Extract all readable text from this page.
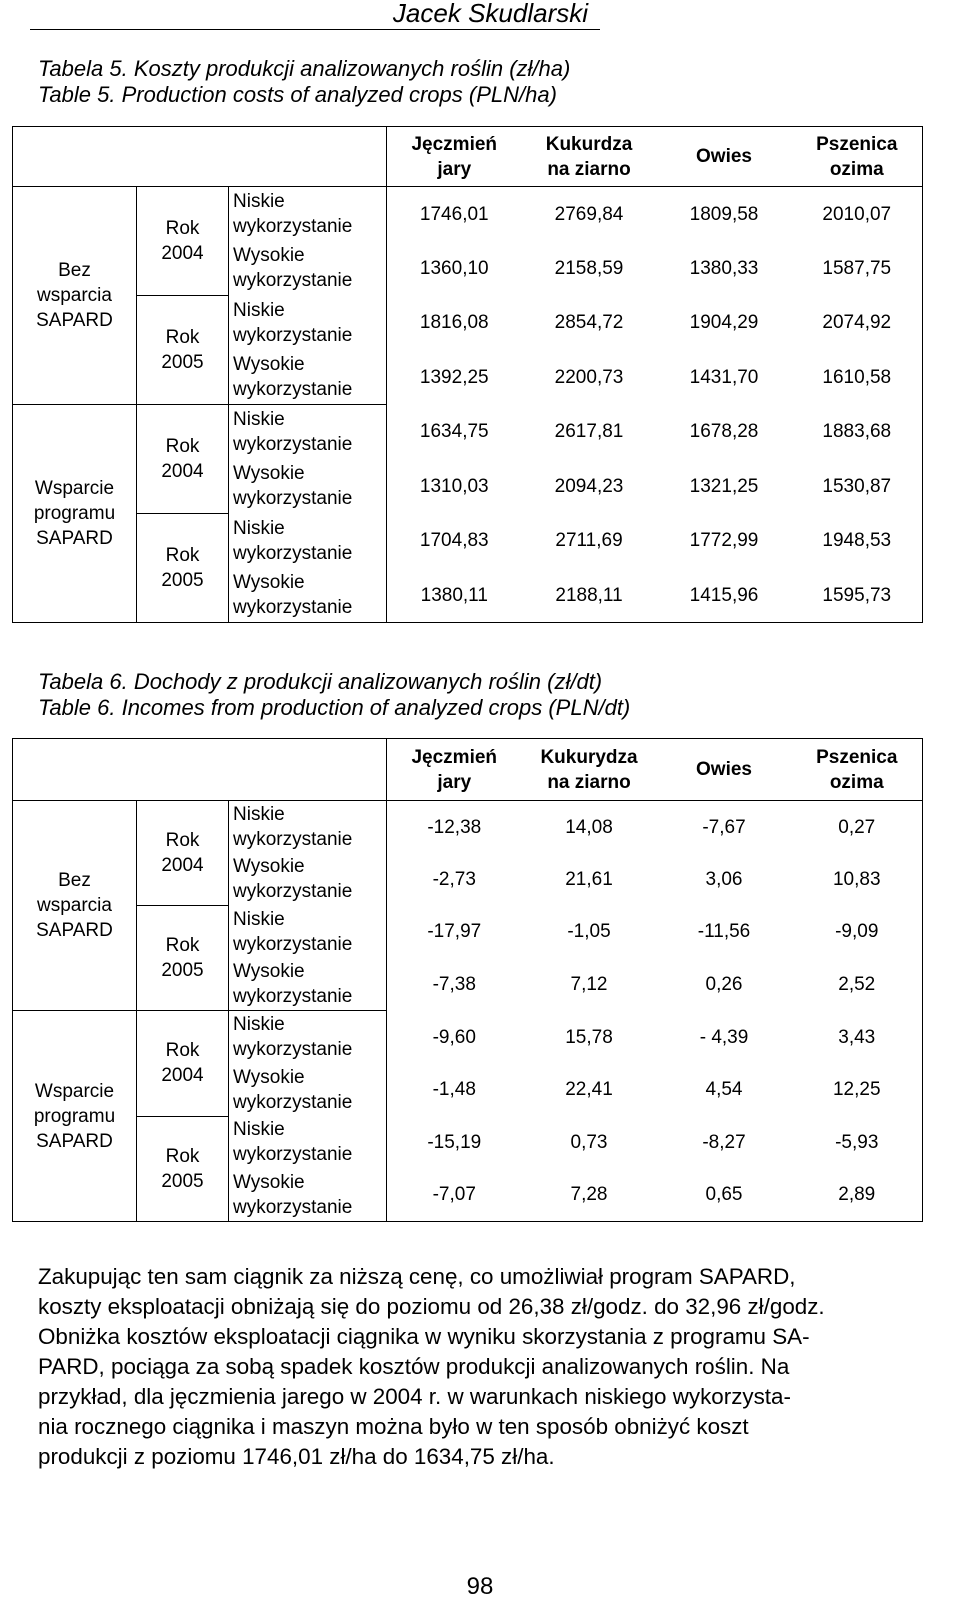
Jacek Skudlarski
Tabela 5. Koszty produkcji analizowanych roślin (zł/ha)
Table 5. Production costs of analyzed crops (PLN/ha)

			Jęczmień
jary	Kukurdza
na ziarno	Owies	Pszenica
ozima

Bez
wsparcia
SAPARD	Rok
2004	Niskie
wykorzystanie	1746,01	2769,84	1809,58	2010,07

		Wysokie
wykorzystanie	1360,10	2158,59	1380,33	1587,75

	Rok
2005	Niskie
wykorzystanie	1816,08	2854,72	1904,29	2074,92

		Wysokie
wykorzystanie	1392,25	2200,73	1431,70	1610,58

Wsparcie
programu
SAPARD	Rok
2004	Niskie
wykorzystanie	1634,75	2617,81	1678,28	1883,68

		Wysokie
wykorzystanie	1310,03	2094,23	1321,25	1530,87

	Rok
2005	Niskie
wykorzystanie	1704,83	2711,69	1772,99	1948,53

		Wysokie
wykorzystanie	1380,11	2188,11	1415,96	1595,73
Tabela 6. Dochody z produkcji analizowanych roślin (zł/dt)
Table 6. Incomes from production of analyzed crops (PLN/dt)

			Jęczmień
jary	Kukurydza
na ziarno	Owies	Pszenica
ozima

Bez
wsparcia
SAPARD	Rok
2004	Niskie
wykorzystanie	-12,38	14,08	-7,67	0,27

		Wysokie
wykorzystanie	-2,73	21,61	3,06	10,83

	Rok
2005	Niskie
wykorzystanie	-17,97	-1,05	-11,56	-9,09

		Wysokie
wykorzystanie	-7,38	7,12	0,26	2,52

Wsparcie
programu
SAPARD	Rok
2004	Niskie
wykorzystanie	-9,60	15,78	- 4,39	3,43

		Wysokie
wykorzystanie	-1,48	22,41	4,54	12,25

	Rok
2005	Niskie
wykorzystanie	-15,19	0,73	-8,27	-5,93

		Wysokie
wykorzystanie	-7,07	7,28	0,65	2,89
Zakupując ten sam ciągnik za niższą cenę, co umożliwiał program SAPARD,
koszty eksploatacji obniżają się do poziomu od 26,38 zł/godz. do 32,96 zł/godz.
Obniżka kosztów eksploatacji ciągnika w wyniku skorzystania z programu SA-
PARD, pociąga za sobą spadek kosztów produkcji analizowanych roślin. Na
przykład, dla jęczmienia jarego w 2004 r. w warunkach niskiego wykorzysta-
nia rocznego ciągnika i maszyn można było w ten sposób obniżyć koszt
produkcji z poziomu 1746,01 zł/ha do 1634,75 zł/ha.
98
